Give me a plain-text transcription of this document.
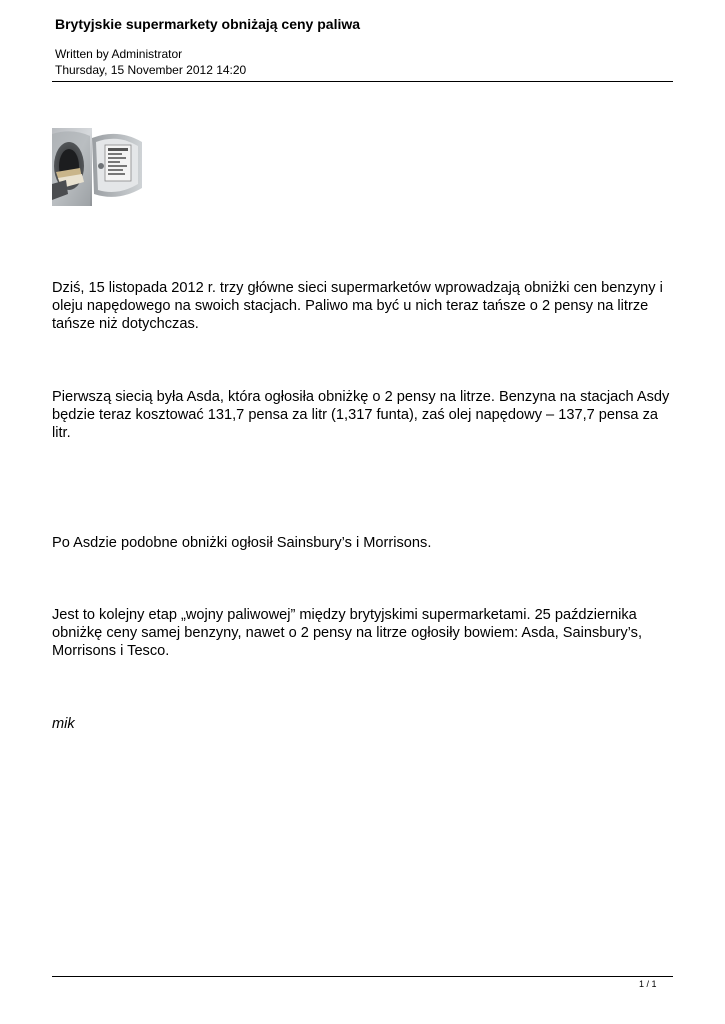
Brytyjskie supermarkety obniżają ceny paliwa
Written by Administrator
Thursday, 15 November 2012 14:20
Dziś, 15 listopada 2012 r. trzy główne sieci supermarketów wprowadzają obniżki cen benzyny i oleju napędowego na swoich stacjach. Paliwo ma być u nich teraz tańsze o 2 pensy na litrze tańsze niż dotychczas.
Pierwszą siecią była Asda, która ogłosiła obniżkę o 2 pensy na litrze. Benzyna na stacjach Asdy będzie teraz kosztować 131,7 pensa za litr (1,317 funta), zaś olej napędowy – 137,7 pensa za litr.
Po Asdzie podobne obniżki ogłosił Sainsbury’s i Morrisons.
Jest to kolejny etap „wojny paliwowej” między brytyjskimi supermarketami. 25 października obniżkę ceny samej benzyny, nawet o 2 pensy na litrze ogłosiły bowiem: Asda, Sainsbury’s, Morrisons i Tesco.
mik
1 / 1
